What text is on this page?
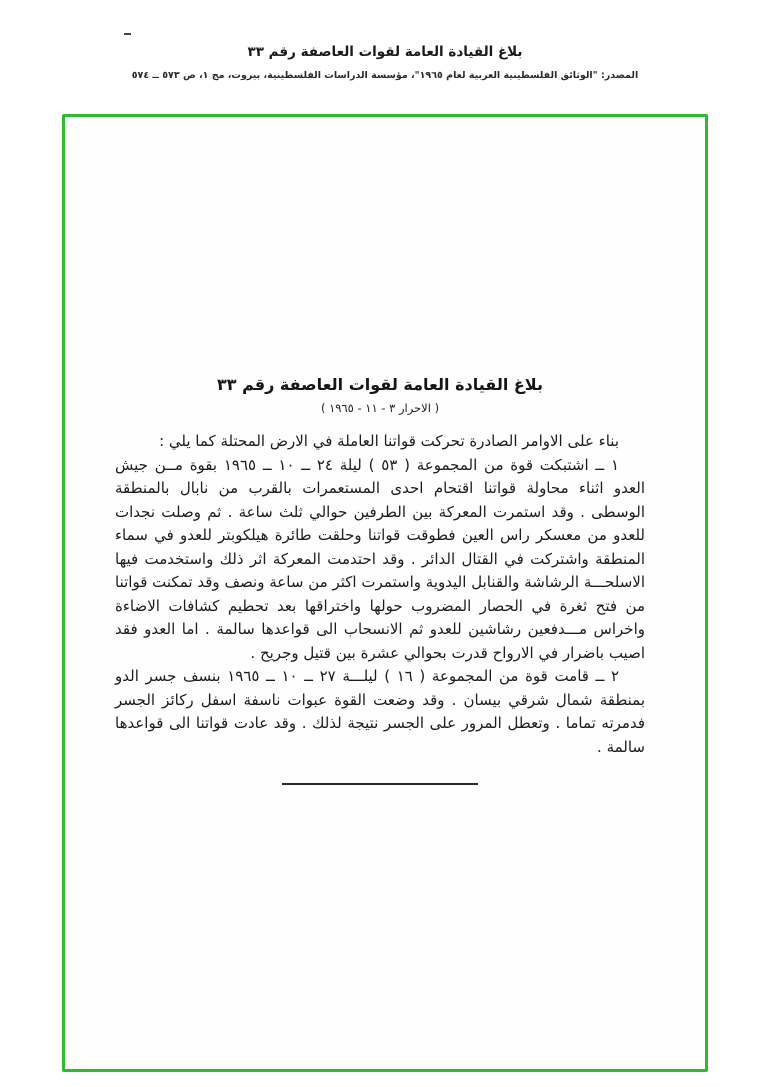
بلاغ القيادة العامة لقوات العاصفة رقم ٣٣
المصدر: "الوثائق الفلسطينية العربية لعام ١٩٦٥"، مؤسسة الدراسات الفلسطينية، بيروت، مج ١، ص ٥٧٣ ــ ٥٧٤
بلاغ القيادة العامة لقوات العاصفة رقم ٣٣
( الاحرار ٣ - ١١ - ١٩٦٥ )

بناء على الاوامر الصادرة تحركت قواتنا العاملة في الارض المحتلة كما يلي :

١ ــ اشتبكت قوة من المجموعة ( ٥٣ ) ليلة ٢٤ ــ ١٠ ــ ١٩٦٥ بقوة مــن جيش العدو اثناء محاولة قواتنا اقتحام احدى المستعمرات بالقرب من نابال بالمنطقة الوسطى . وقد استمرت المعركة بين الطرفين حوالي ثلث ساعة . ثم وصلت نجدات للعدو من معسكر راس العين فطوقت قواتنا وحلقت طائرة هيلكوبتر للعدو في سماء المنطقة واشتركت في القتال الدائر . وقد احتدمت المعركة اثر ذلك واستخدمت فيها الاسلحـــة الرشاشة والقنابل اليدوية واستمرت اكثر من ساعة ونصف وقد تمكنت قواتنا من فتح ثغرة في الحصار المضروب حولها واختراقها بعد تحطيم كشافات الاضاءة واخراس مـــدفعين رشاشين للعدو ثم الانسحاب الى قواعدها سالمة . اما العدو فقد اصيب باضرار في الارواح قدرت بحوالي عشرة بين قتيل وجريح .

٢ ــ قامت قوة من المجموعة ( ١٦ ) ليلـــة ٢٧ ــ ١٠ ــ ١٩٦٥ بنسف جسر الدو بمنطقة شمال شرقي بيسان . وقد وضعت القوة عبوات ناسفة اسفل ركائز الجسر فدمرته تماما . وتعطل المرور على الجسر نتيجة لذلك . وقد عادت قواتنا الى قواعدها سالمة .
